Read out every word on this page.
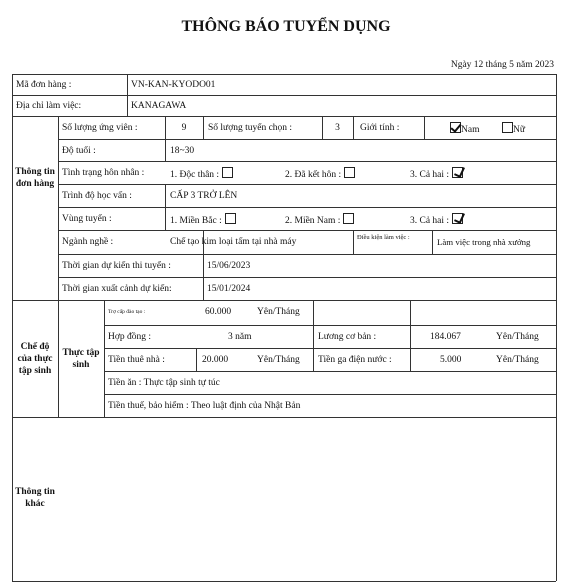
THÔNG BÁO TUYỂN DỤNG
Ngày 12 tháng 5 năm 2023
Mã đơn hàng :	VN-KAN-KYODO01
Địa chỉ làm việc:	KANAGAWA
Thông tin đơn hàng
Số lượng ứng viên :	9	Số lượng tuyển chọn :	3	Giới tính :	Nam	Nữ
Độ tuổi :	18~30
Tình trạng hôn nhân :	1. Độc thân :	2. Đã kết hôn :	3. Cả hai :
Trình độ học vấn :	CẤP 3 TRỞ LÊN
Vùng tuyển :	1. Miền Bắc :	2. Miền Nam :	3. Cả hai :
Ngành nghề :	Chế tạo kim loại tấm tại nhà máy	Điều kiện làm việc :	Làm việc trong nhà xưởng
Thời gian dự kiến thi tuyển :	15/06/2023
Thời gian xuất cảnh dự kiến:	15/01/2024
Chế độ của thực tập sinh
Thực tập sinh
Trợ cấp đào tạo :	60.000	Yên/Tháng
Hợp đồng :	3 năm	Lương cơ bản :	184.067	Yên/Tháng
Tiền thuê nhà :	20.000	Yên/Tháng Tiền ga điện nước :	5.000	Yên/Tháng
Tiền ăn : Thực tập sinh tự túc
Tiền thuế, bảo hiểm : Theo luật định của Nhật Bản
Thông tin khác
